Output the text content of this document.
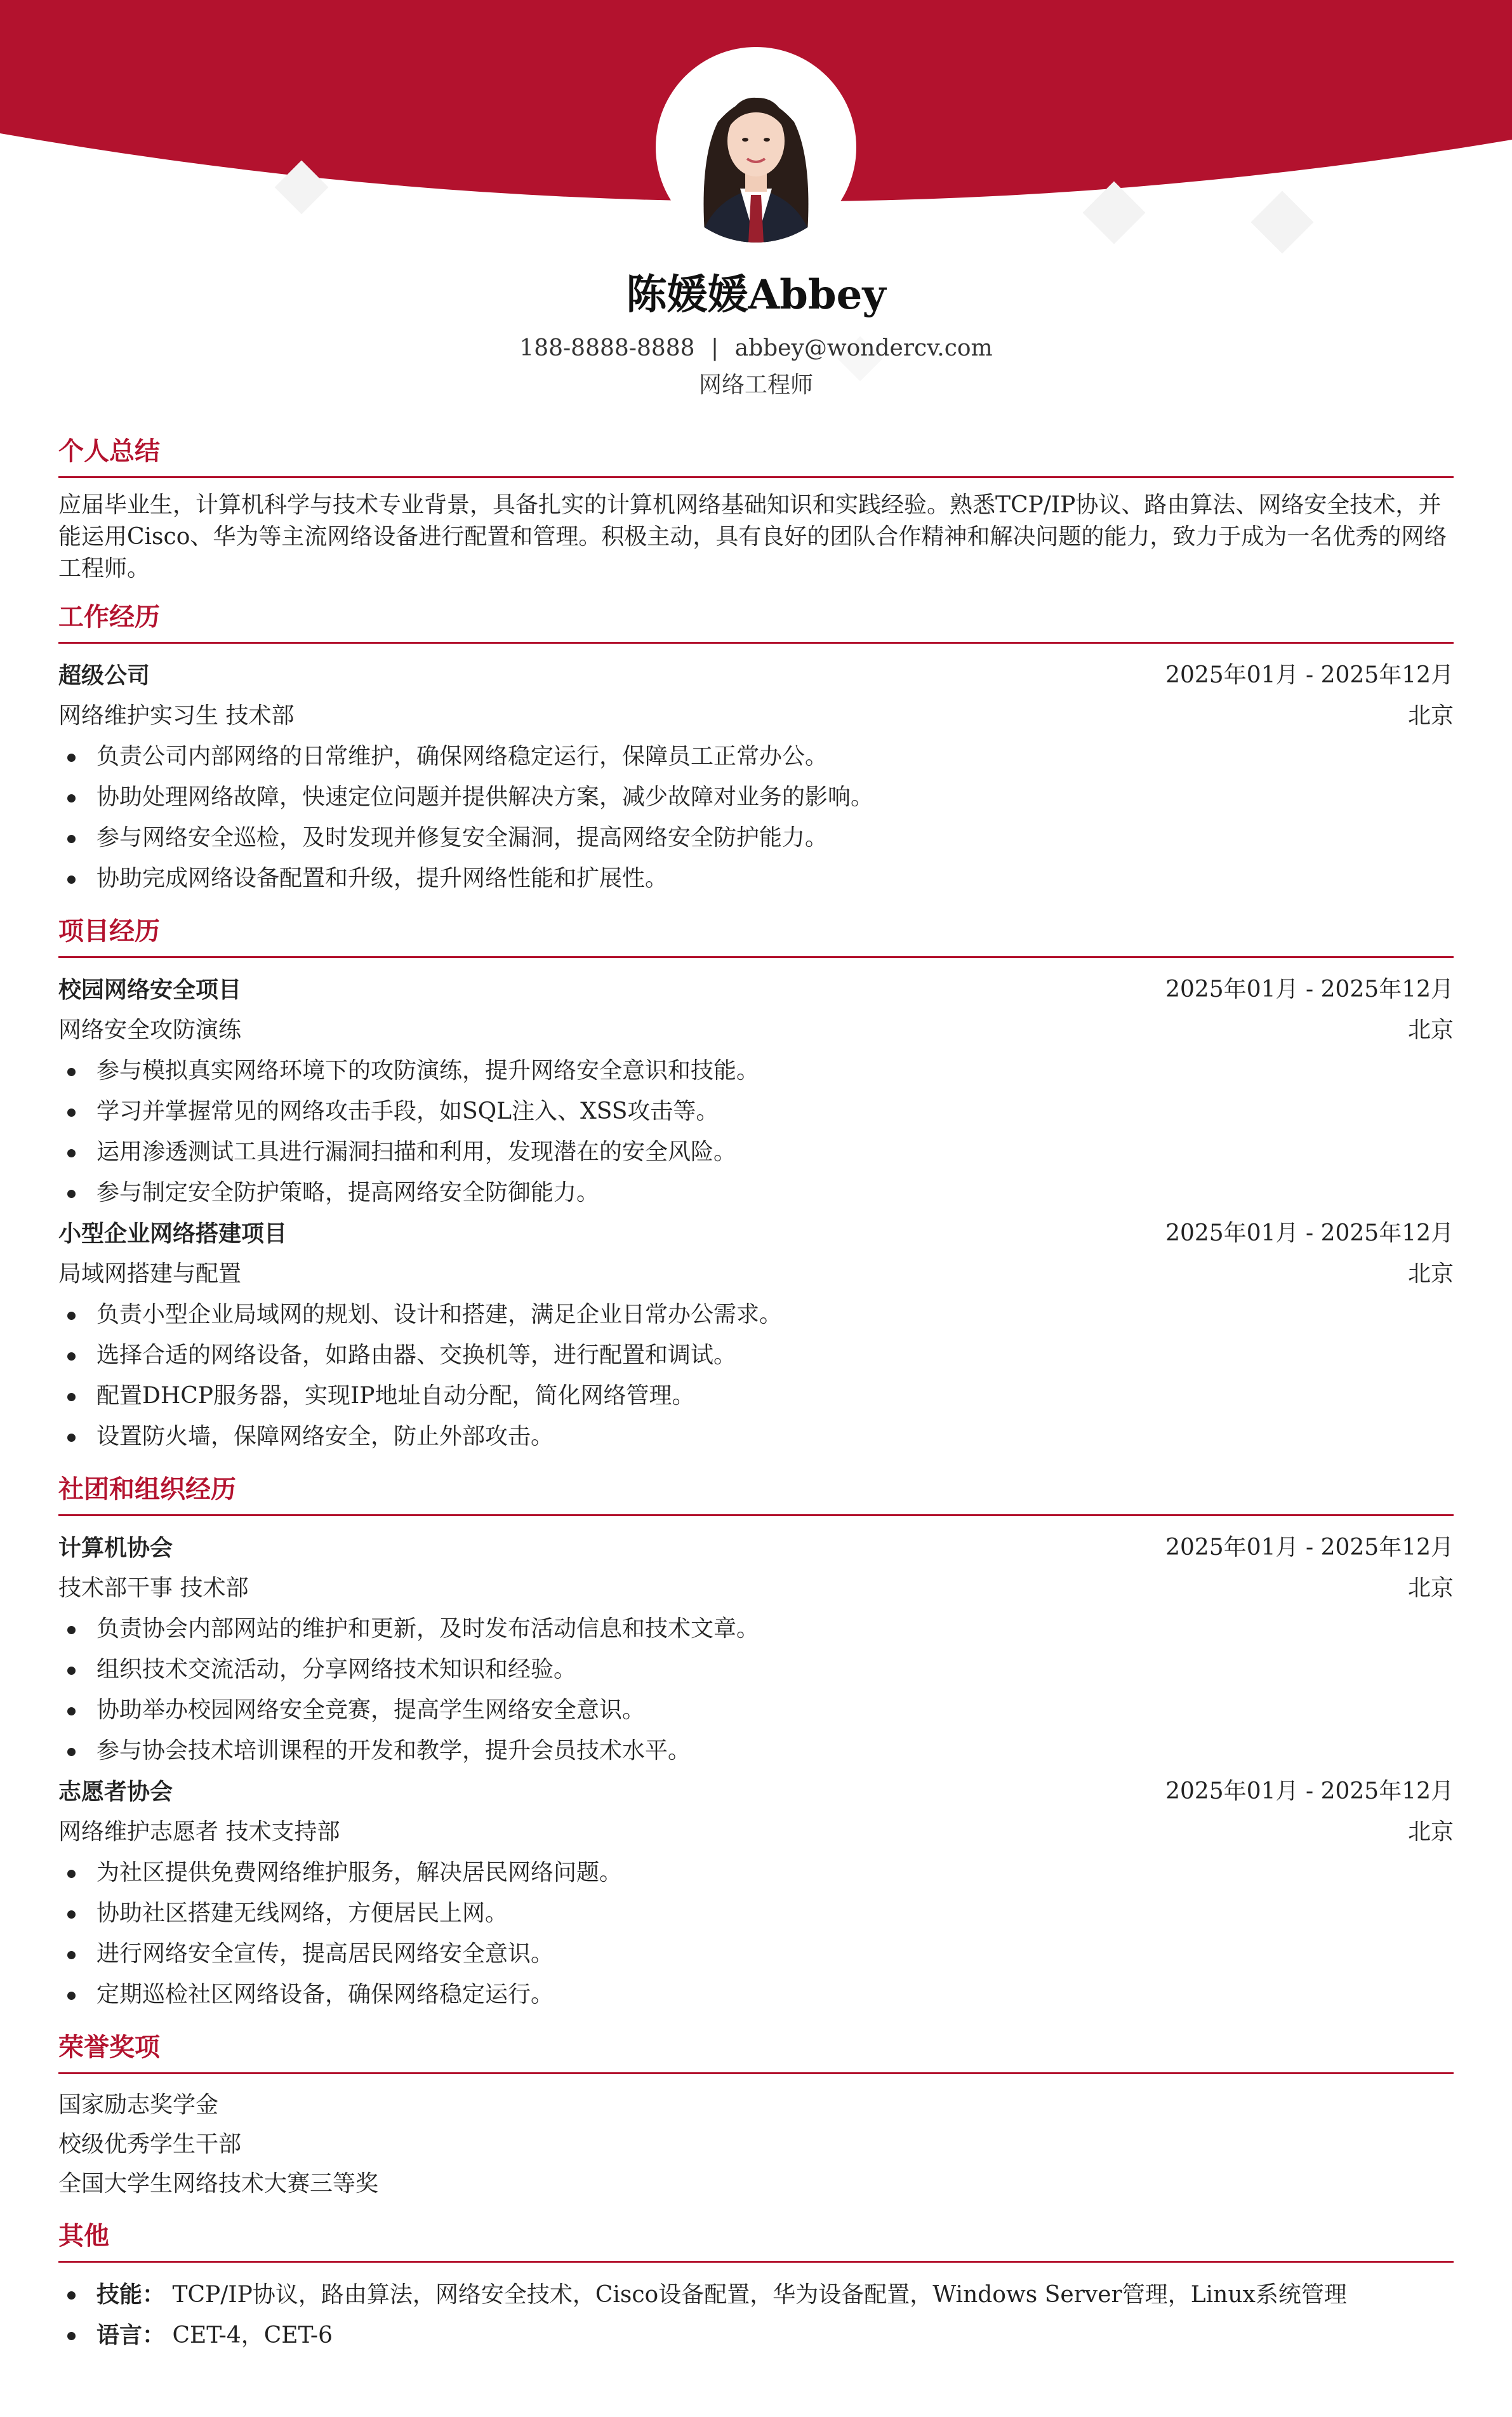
陈媛媛Abbey
188-8888-8888 | abbey@wondercv.com
网络工程师
个人总结

应届毕业生，计算机科学与技术专业背景，具备扎实的计算机网络基础知识和实践经验。熟悉TCP/IP协议、路由算法、网络安全技术，并能运用Cisco、华为等主流网络设备进行配置和管理。积极主动，具有良好的团队合作精神和解决问题的能力，致力于成为一名优秀的网络工程师。

工作经历
超级公司	2025年01月 - 2025年12月
网络维护实习生 技术部	北京
负责公司内部网络的日常维护，确保网络稳定运行，保障员工正常办公。
协助处理网络故障，快速定位问题并提供解决方案，减少故障对业务的影响。
参与网络安全巡检，及时发现并修复安全漏洞，提高网络安全防护能力。
协助完成网络设备配置和升级，提升网络性能和扩展性。
项目经历
校园网络安全项目	2025年01月 - 2025年12月
网络安全攻防演练	北京
参与模拟真实网络环境下的攻防演练，提升网络安全意识和技能。
学习并掌握常见的网络攻击手段，如SQL注入、XSS攻击等。
运用渗透测试工具进行漏洞扫描和利用，发现潜在的安全风险。
参与制定安全防护策略，提高网络安全防御能力。
小型企业网络搭建项目	2025年01月 - 2025年12月
局域网搭建与配置	北京
负责小型企业局域网的规划、设计和搭建，满足企业日常办公需求。
选择合适的网络设备，如路由器、交换机等，进行配置和调试。
配置DHCP服务器，实现IP地址自动分配，简化网络管理。
设置防火墙，保障网络安全，防止外部攻击。
社团和组织经历
计算机协会	2025年01月 - 2025年12月
技术部干事 技术部	北京
负责协会内部网站的维护和更新，及时发布活动信息和技术文章。
组织技术交流活动，分享网络技术知识和经验。
协助举办校园网络安全竞赛，提高学生网络安全意识。
参与协会技术培训课程的开发和教学，提升会员技术水平。
志愿者协会	2025年01月 - 2025年12月
网络维护志愿者 技术支持部	北京
为社区提供免费网络维护服务，解决居民网络问题。
协助社区搭建无线网络，方便居民上网。
进行网络安全宣传，提高居民网络安全意识。
定期巡检社区网络设备，确保网络稳定运行。
荣誉奖项
国家励志奖学金
校级优秀学生干部
全国大学生网络技术大赛三等奖
其他
技能： TCP/IP协议，路由算法，网络安全技术，Cisco设备配置，华为设备配置，Windows Server管理，Linux系统管理
语言： CET-4，CET-6
